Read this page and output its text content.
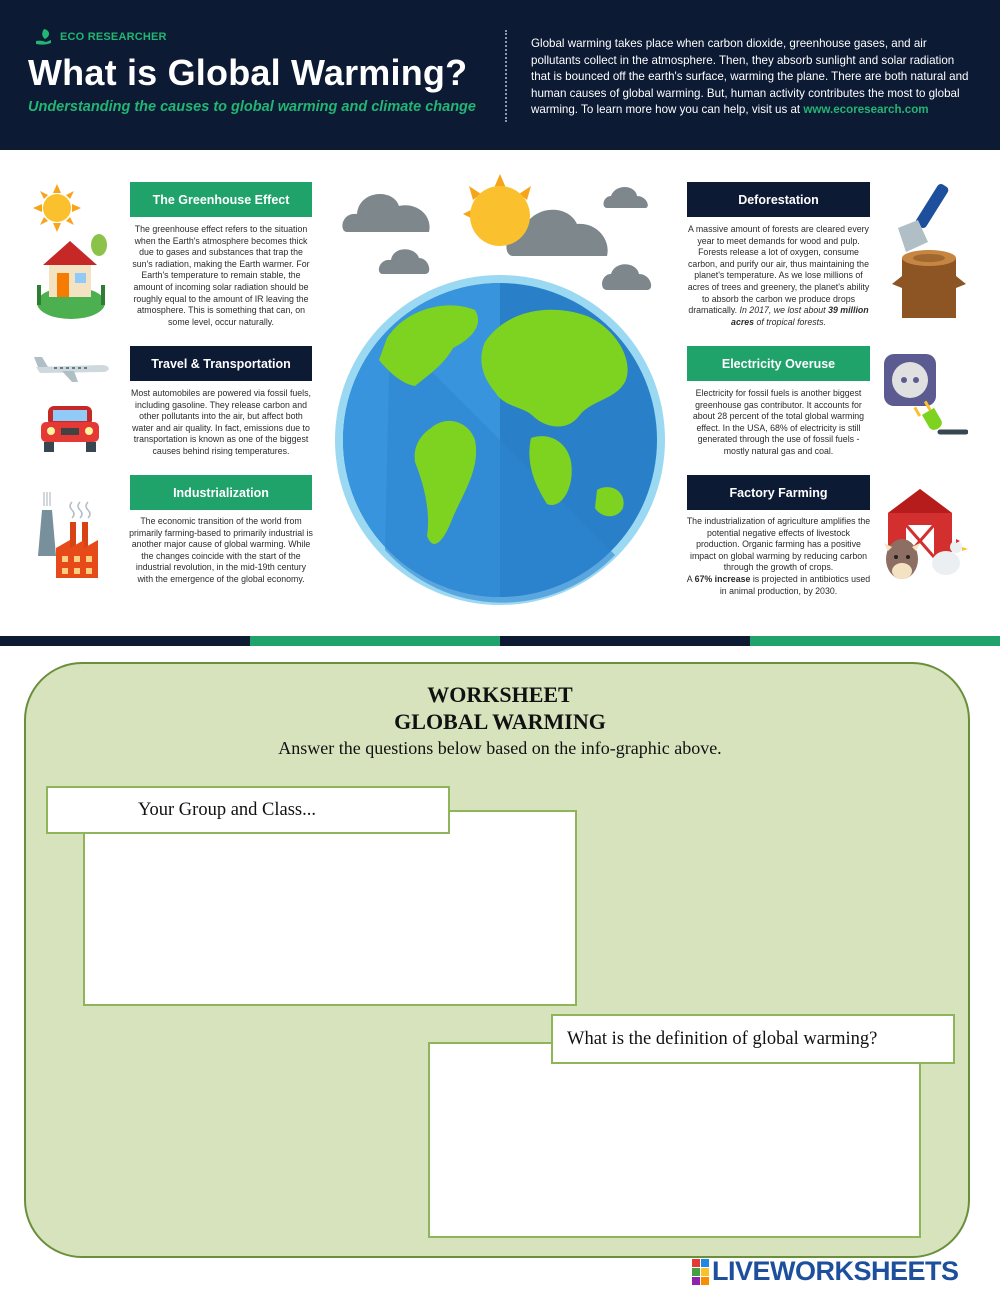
ECO RESEARCHER
What is Global Warming?
Understanding the causes to global warming and climate change
Global warming takes place when carbon dioxide, greenhouse gases, and air pollutants collect in the atmosphere. Then, they absorb sunlight and solar radiation that is bounced off the earth's surface, warming the plane. There are both natural and human causes of global warming. But, human activity contributes the most to global warming. To learn more how you can help, visit us at www.ecoresearch.com
The Greenhouse Effect
The greenhouse effect refers to the situation when the Earth's atmosphere becomes thick due to gases and substances that trap the sun's radiation, making the Earth warmer. For Earth's temperature to remain stable, the amount of incoming solar radiation should be roughly equal to the amount of IR leaving the atmosphere. This is something that can, on some level, occur naturally.
Travel & Transportation
Most automobiles are powered via fossil fuels, including gasoline. They release carbon and other pollutants into the air, but affect both water and air quality. In fact, emissions due to transportation is known as one of the biggest causes behind rising temperatures.
Industrialization
The economic transition of the world from primarily farming-based to primarily industrial is another major cause of global warming. While the changes coincide with the start of the industrial revolution, in the mid-19th century with the emergence of the global economy.
Deforestation
A massive amount of forests are cleared every year to meet demands for wood and pulp. Forests release a lot of oxygen, consume carbon, and purify our air, thus maintaining the planet's temperature. As we lose millions of acres of trees and greenery, the planet's ability to absorb the carbon we produce drops dramatically. In 2017, we lost about 39 million acres of tropical forests.
Electricity Overuse
Electricity for fossil fuels is another biggest greenhouse gas contributor. It accounts for about 28 percent of the total global warming effect. In the USA, 68% of electricity is still generated through the use of fossil fuels - mostly natural gas and coal.
Factory Farming
The industrialization of agriculture amplifies the potential negative effects of livestock production. Organic farming has a positive impact on global warming by reducing carbon through the growth of crops.
A 67% increase is projected in antibiotics used in animal production, by 2030.
WORKSHEET
GLOBAL WARMING
Answer the questions below based on the info-graphic above.
Your Group and Class...
What is the definition of global warming?
LIVEWORKSHEETS
